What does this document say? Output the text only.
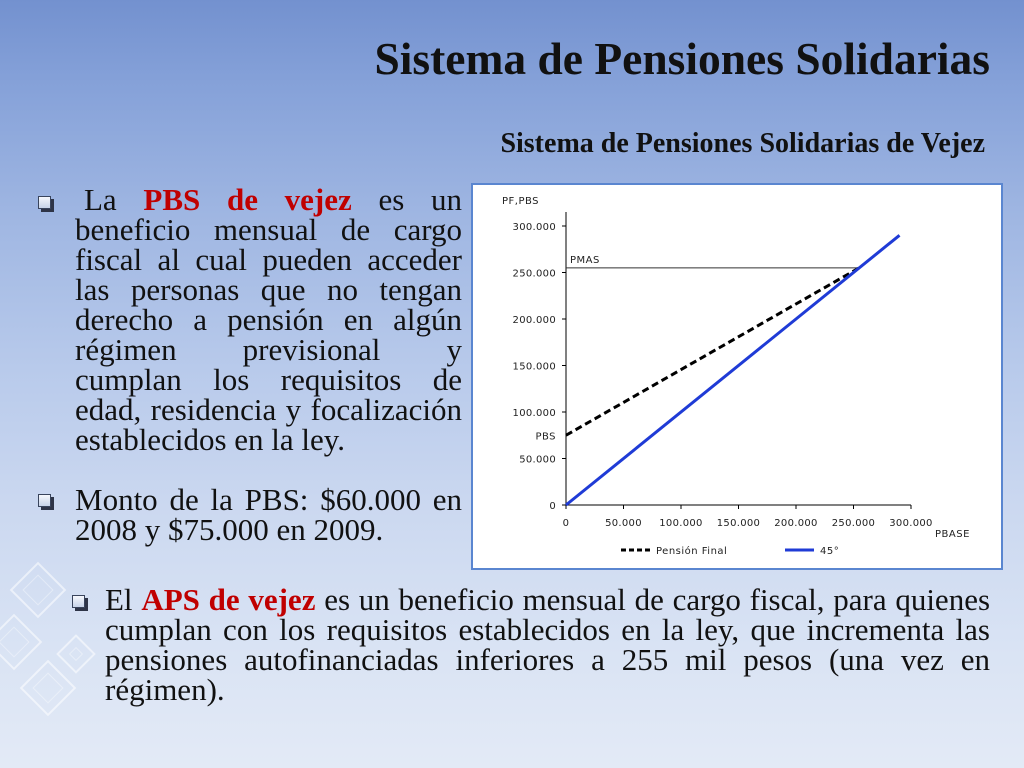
Sistema de Pensiones Solidarias
Sistema de Pensiones Solidarias de Vejez
0
50.000
100.000
150.000
200.000
250.000
300.000
0	50.000 100.000 150.000 200.000 250.000 300.000
PF,PBS
PBASE
PMAS
PBS
Pensión Final	45°
La PBS de vejez es un
beneficio mensual de cargo
fiscal al cual pueden acceder
las personas que no tengan
derecho a pensión en algún
régimen previsional y
cumplan los requisitos de
edad, residencia y focalización
establecidos en la ley.
Monto de la PBS: $60.000 en
2008 y $75.000 en 2009.
El APS de vejez es un beneficio mensual de cargo fiscal, para quienes
cumplan con los requisitos establecidos en la ley, que incrementa las
pensiones autofinanciadas inferiores a 255 mil pesos (una vez en
régimen).
